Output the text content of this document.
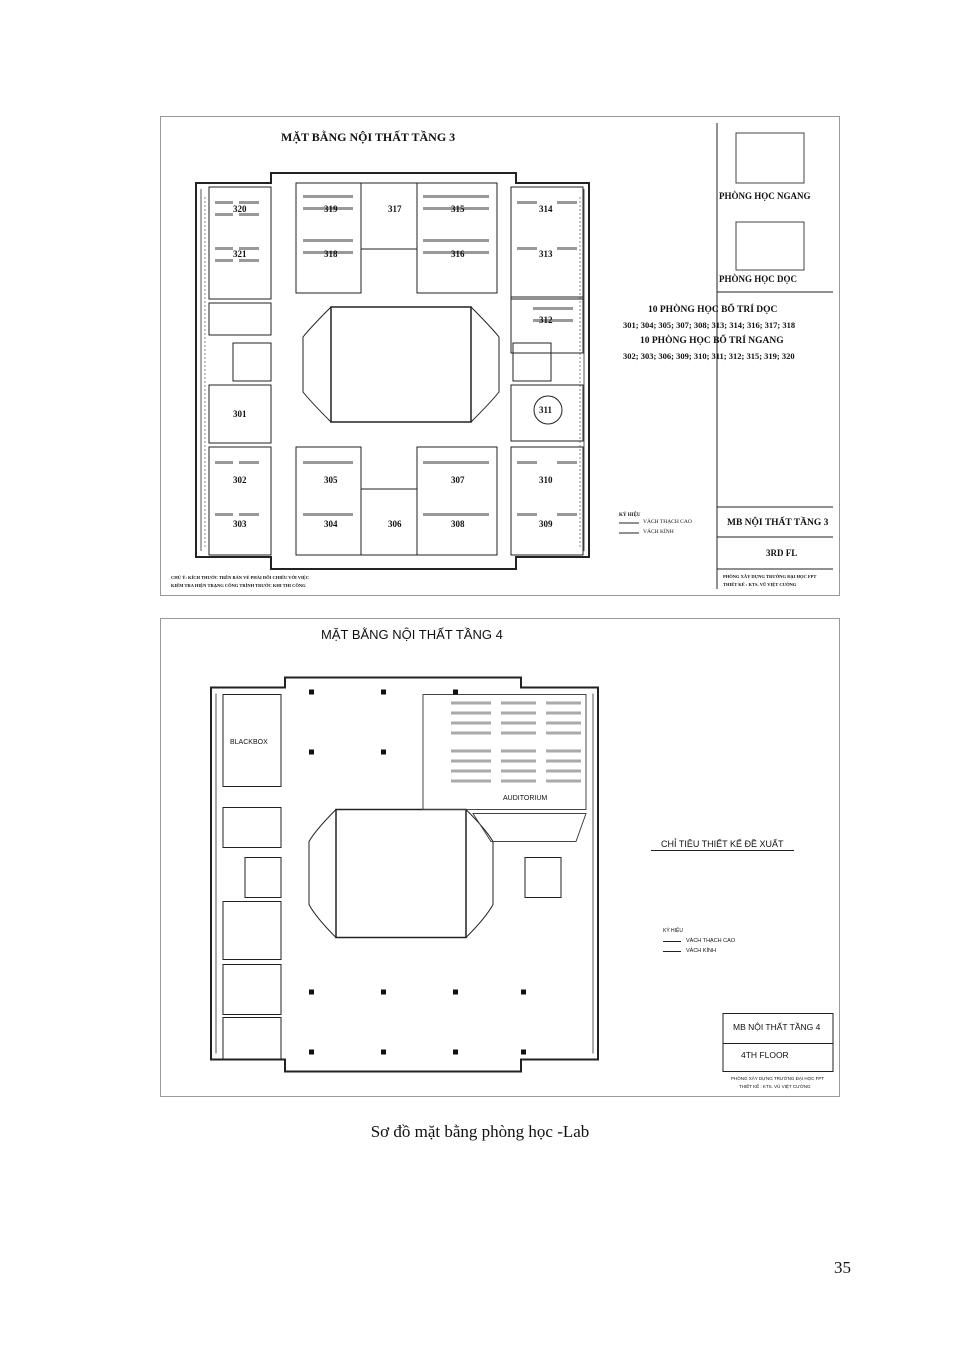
MẶT BẰNG NỘI THẤT TẦNG 3
320	319	317	315	314
321	318	316	313
312
301	311
302	305	307	310
303	304	306	308	309
PHÒNG HỌC NGANG
PHÒNG HỌC DỌC
10 PHÒNG HỌC BỐ TRÍ DỌC
301; 304; 305; 307; 308; 313; 314; 316; 317; 318
10 PHÒNG HỌC BỐ TRÍ NGANG
302; 303; 306; 309; 310; 311; 312; 315; 319; 320
KÝ HIỆU
VÁCH THẠCH CAO
VÁCH KÍNH
MB NỘI THẤT TẦNG 3
3RD FL
PHÒNG XÂY DỰNG TRƯỜNG ĐẠI HỌC FPT
THIẾT KẾ : KTS. VŨ VIỆT CƯỜNG
CHÚ Ý: KÍCH THƯỚC TRÊN BẢN VẼ PHẢI ĐỐI CHIẾU VỚI VIỆC
KIỂM TRA HIỆN TRẠNG CÔNG TRÌNH TRƯỚC KHI THI CÔNG
MẶT BẰNG NỘI THẤT TẦNG 4
BLACKBOX
AUDITORIUM
CHỈ TIÊU THIẾT KẾ ĐỀ XUẤT
KÝ HIỆU
VÁCH THẠCH CAO
VÁCH KÍNH
MB NỘI THẤT TẦNG 4
4TH FLOOR
PHÒNG XÂY DỰNG TRƯỜNG ĐẠI HỌC FPT
THIẾT KẾ : KTS. VŨ VIỆT CƯỜNG
Sơ đồ mặt bằng phòng học -Lab
35
